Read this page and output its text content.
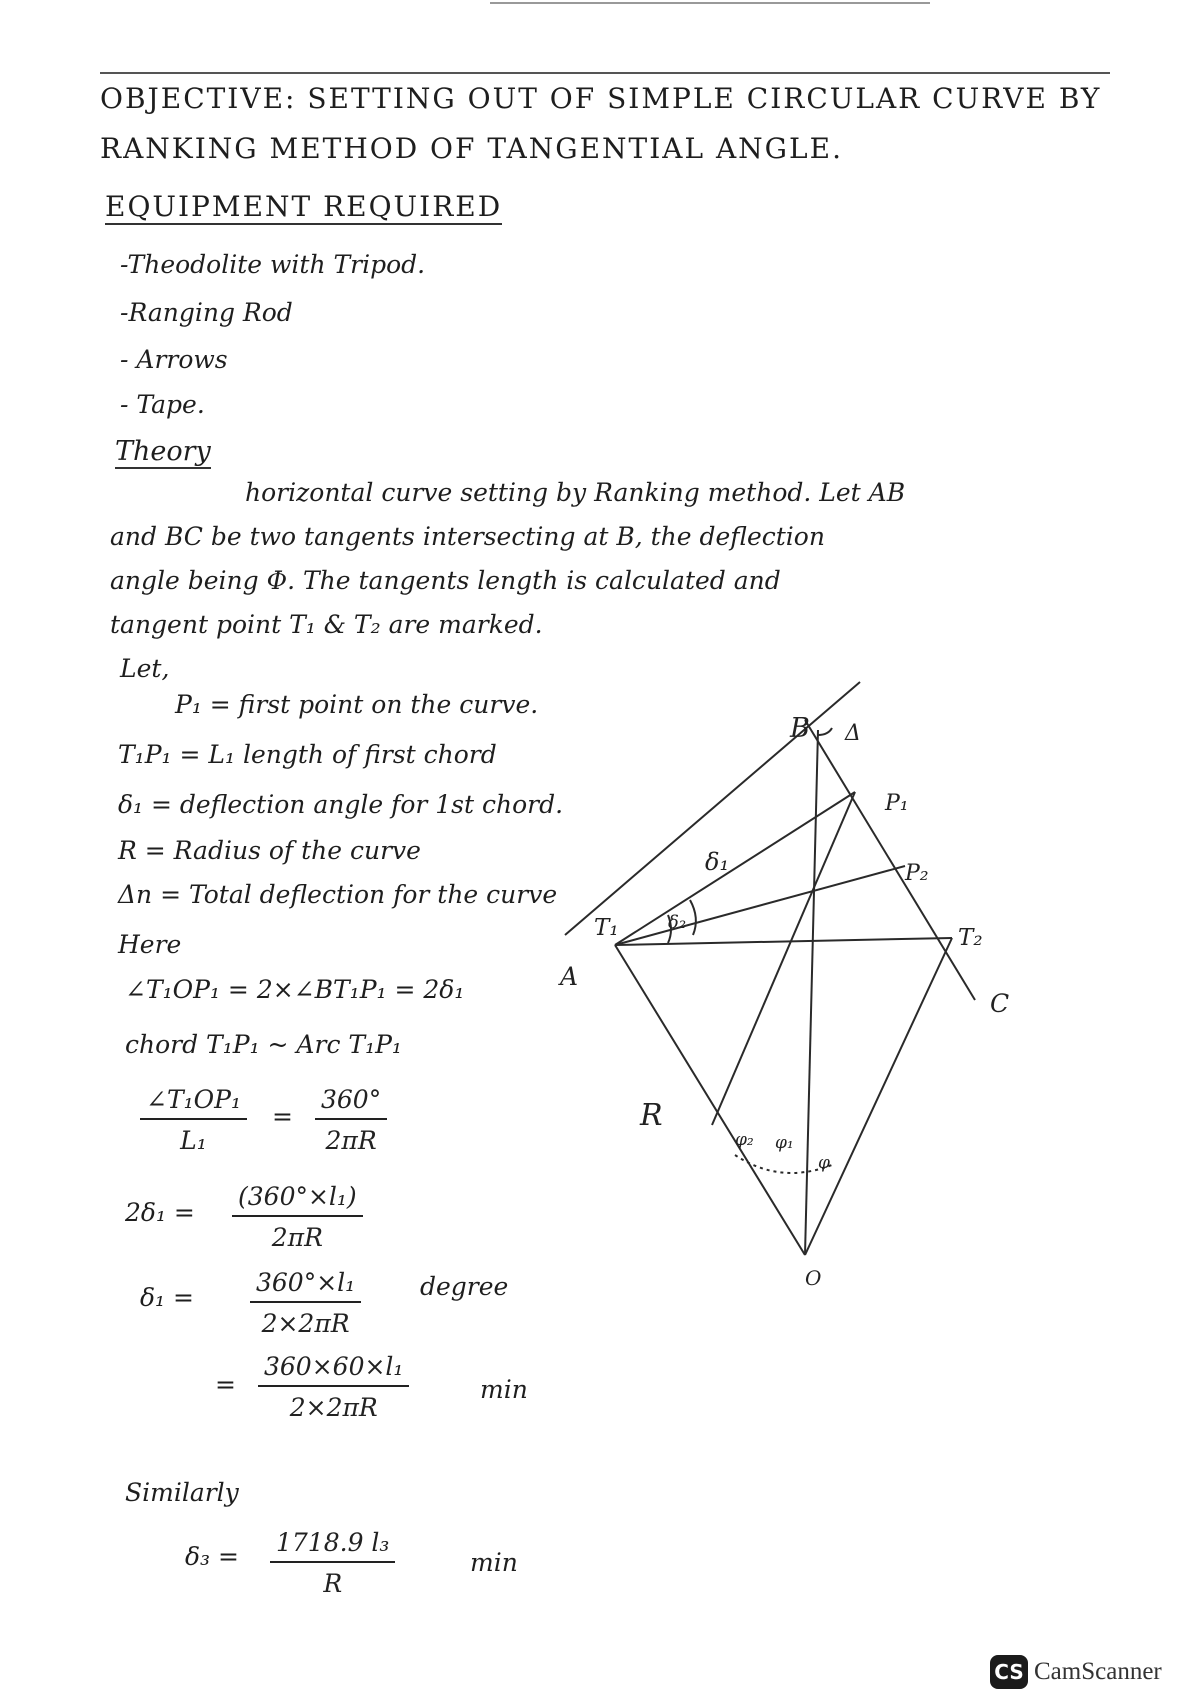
OBJECTIVE: SETTING OUT OF SIMPLE CIRCULAR CURVE BY
RANKING METHOD OF TANGENTIAL ANGLE.
EQUIPMENT REQUIRED
-Theodolite with Tripod.
-Ranging Rod
- Arrows
- Tape.
Theory
horizontal curve setting by Ranking method. Let AB
and BC be two tangents intersecting at B, the deflection
angle being Φ. The tangents length is calculated and
tangent point T₁ & T₂ are marked.
Let,
P₁ = first point on the curve.
T₁P₁ = L₁ length of first chord
δ₁ = deflection angle for 1st chord.
R = Radius of the curve
Δn = Total deflection for the curve
Here
∠T₁OP₁ = 2×∠BT₁P₁ = 2δ₁
chord T₁P₁ ~ Arc T₁P₁
$\frac{\text{∠T₁OP₁}}{\text{L₁}} = \frac{360^\circ}{2\pi R}$
$2\delta_1 = \frac{\text{(360°×l₁)}}{2\pi R}$
$\delta_1 = \frac{\text{360°×l₁}}{2\times 2\pi R}$ degree
= $\frac{\text{360×60×l₁}}{2\times 2\pi R}$	min
Similarly
$\delta_3 = \frac{\text{1718.9 l₃}}{R}$	min
B Δ
P₁
P₂
δ₁
δ₂
T₁
A
T₂
C
R
φ₂ φ₁
φ
O
CS CamScanner
